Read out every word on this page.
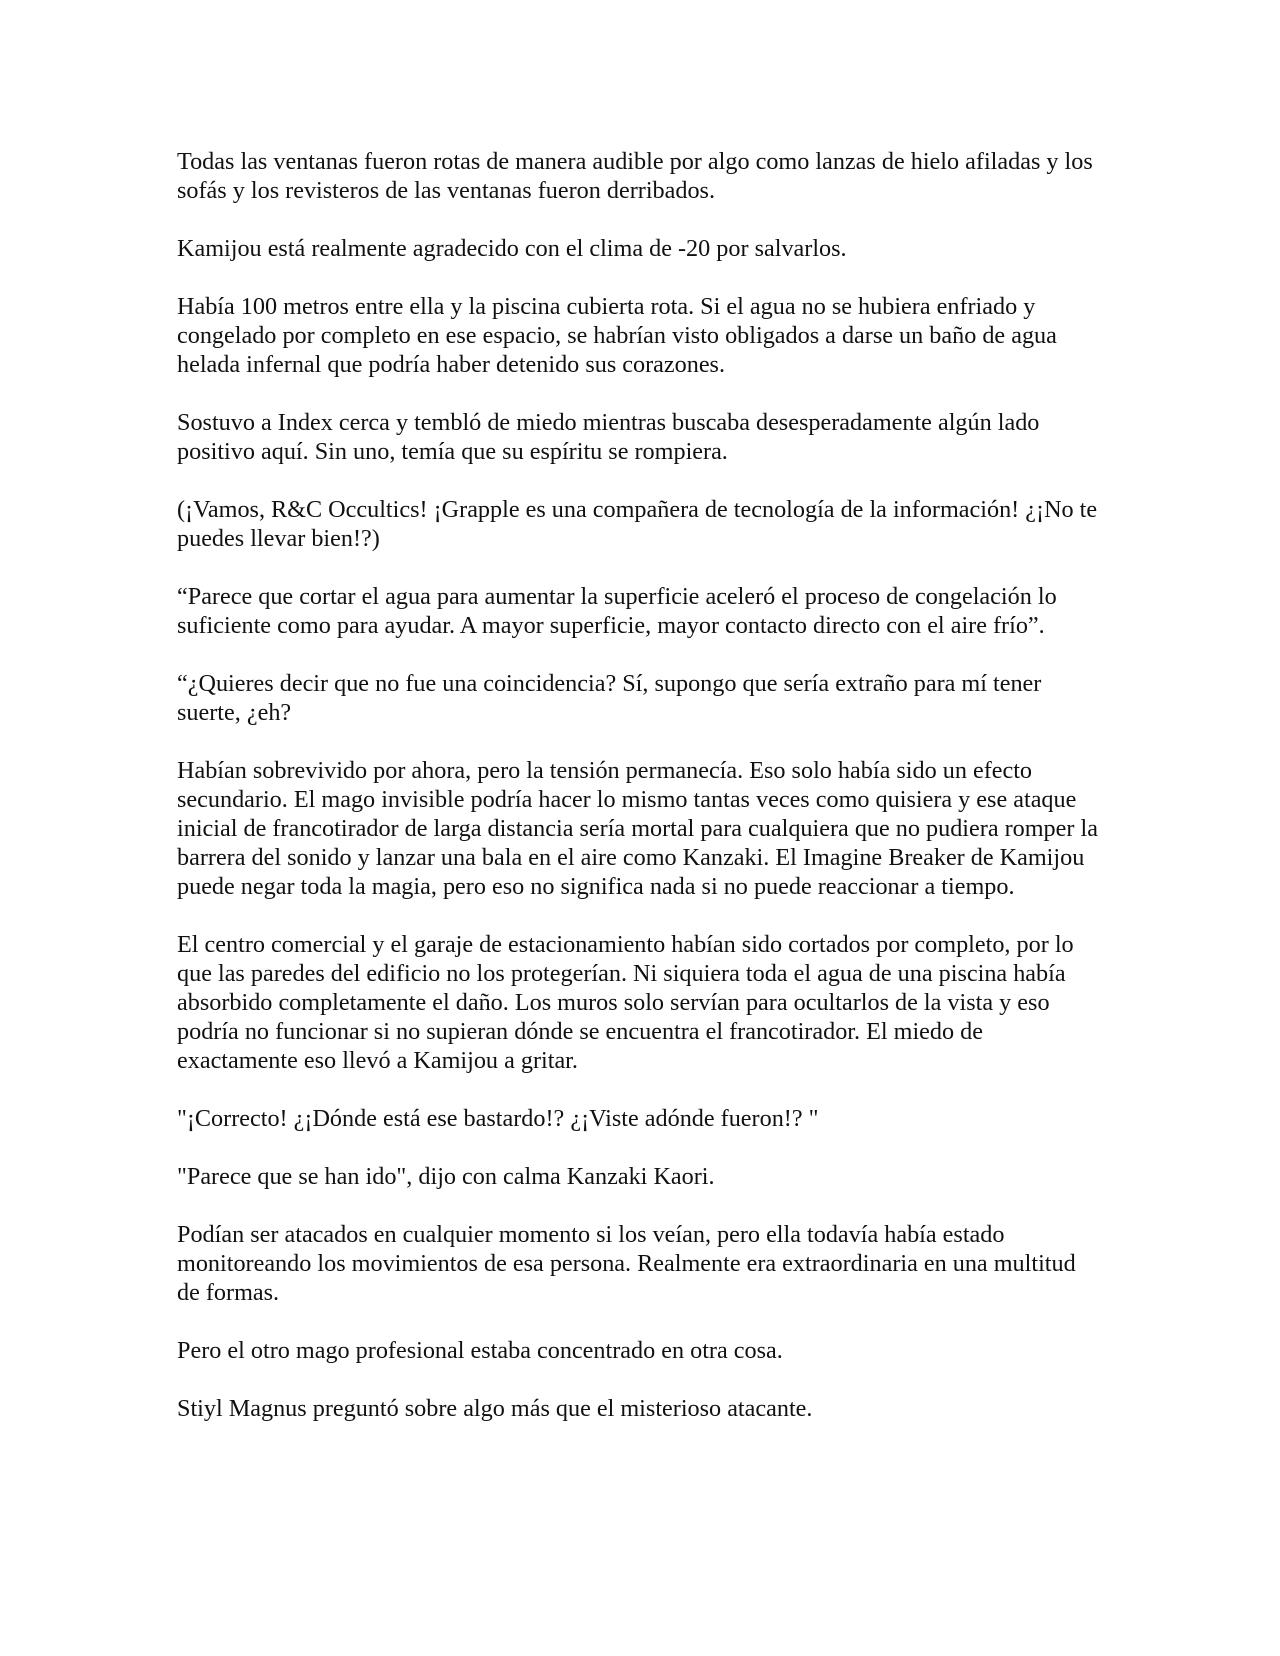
Todas las ventanas fueron rotas de manera audible por algo como lanzas de hielo afiladas y los sofás y los revisteros de las ventanas fueron derribados.

Kamijou está realmente agradecido con el clima de -20 por salvarlos.

Había 100 metros entre ella y la piscina cubierta rota. Si el agua no se hubiera enfriado y congelado por completo en ese espacio, se habrían visto obligados a darse un baño de agua helada infernal que podría haber detenido sus corazones.

Sostuvo a Index cerca y tembló de miedo mientras buscaba desesperadamente algún lado positivo aquí. Sin uno, temía que su espíritu se rompiera.

(¡Vamos, R&C Occultics! ¡Grapple es una compañera de tecnología de la información! ¿¡No te puedes llevar bien!?)

“Parece que cortar el agua para aumentar la superficie aceleró el proceso de congelación lo suficiente como para ayudar. A mayor superficie, mayor contacto directo con el aire frío”.

“¿Quieres decir que no fue una coincidencia? Sí, supongo que sería extraño para mí tener suerte, ¿eh?

Habían sobrevivido por ahora, pero la tensión permanecía. Eso solo había sido un efecto secundario. El mago invisible podría hacer lo mismo tantas veces como quisiera y ese ataque inicial de francotirador de larga distancia sería mortal para cualquiera que no pudiera romper la barrera del sonido y lanzar una bala en el aire como Kanzaki. El Imagine Breaker de Kamijou puede negar toda la magia, pero eso no significa nada si no puede reaccionar a tiempo.

El centro comercial y el garaje de estacionamiento habían sido cortados por completo, por lo que las paredes del edificio no los protegerían. Ni siquiera toda el agua de una piscina había absorbido completamente el daño. Los muros solo servían para ocultarlos de la vista y eso podría no funcionar si no supieran dónde se encuentra el francotirador. El miedo de exactamente eso llevó a Kamijou a gritar.

"¡Correcto! ¿¡Dónde está ese bastardo!? ¿¡Viste adónde fueron!? "

"Parece que se han ido", dijo con calma Kanzaki Kaori.

Podían ser atacados en cualquier momento si los veían, pero ella todavía había estado monitoreando los movimientos de esa persona. Realmente era extraordinaria en una multitud de formas.

Pero el otro mago profesional estaba concentrado en otra cosa.

Stiyl Magnus preguntó sobre algo más que el misterioso atacante.
